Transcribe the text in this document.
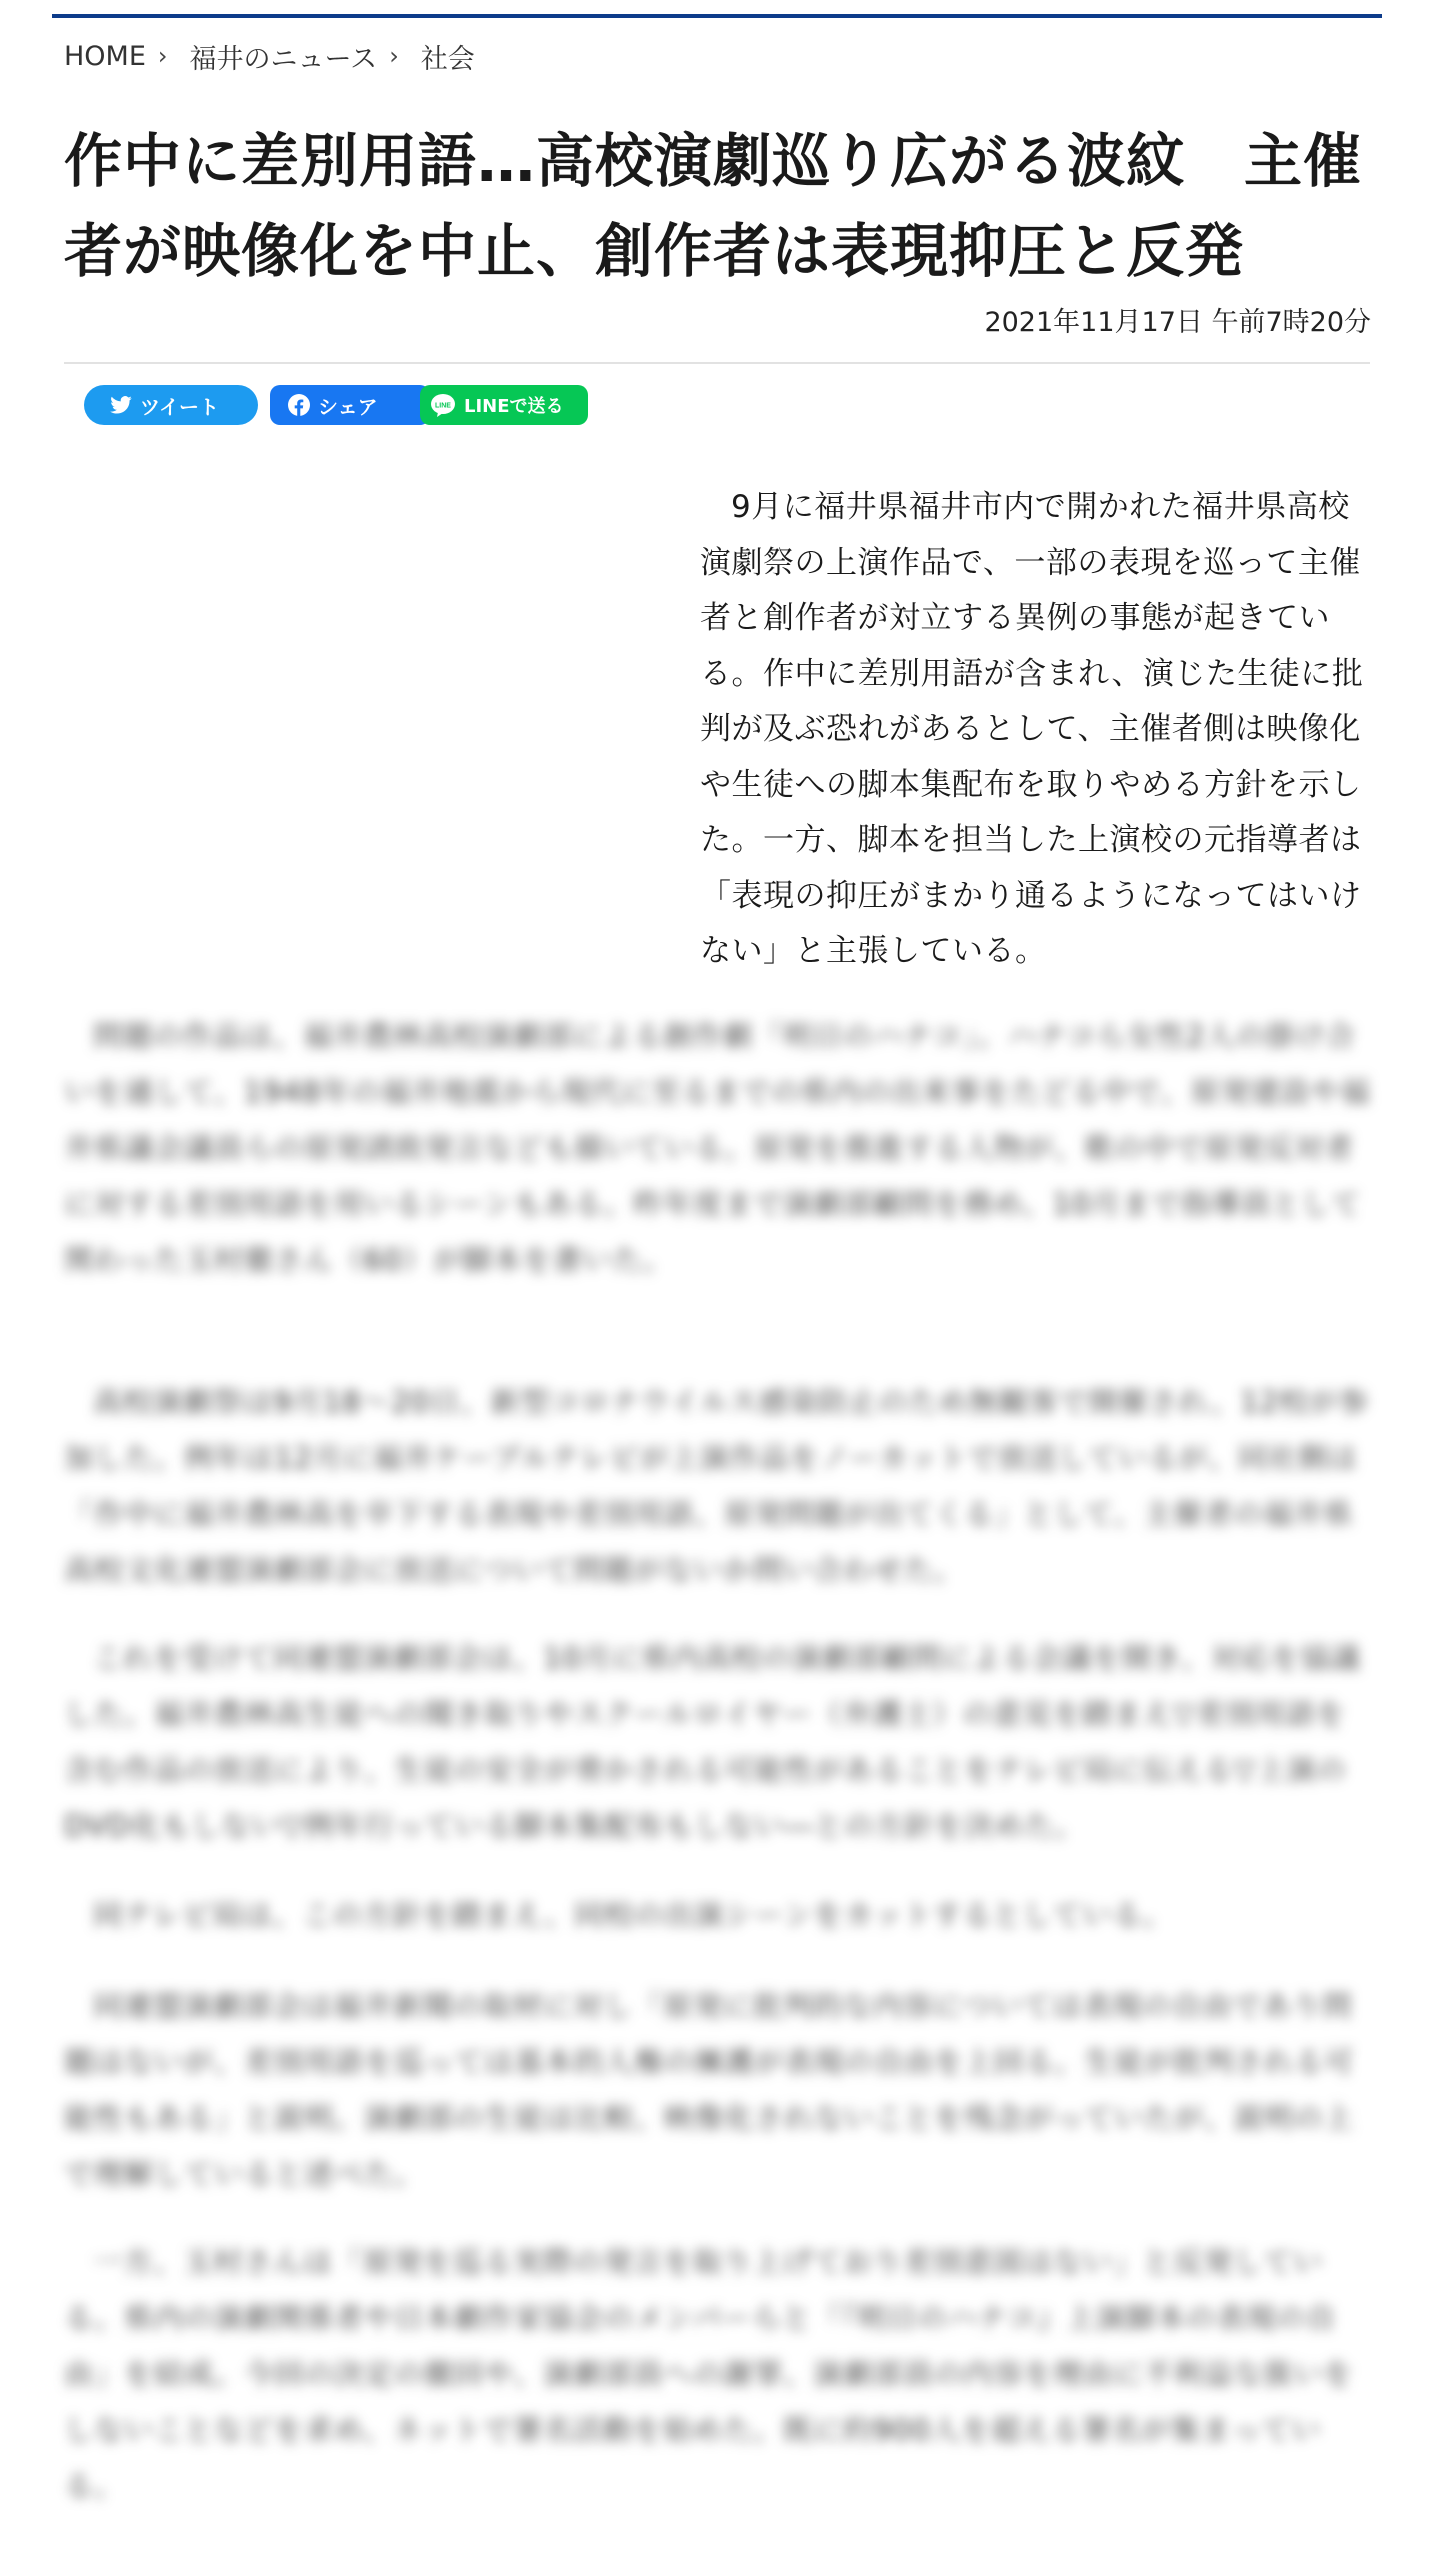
HOME › 福井のニュース › 社会
作中に差別用語…高校演劇巡り広がる波紋　主催者が映像化を中止、創作者は表現抑圧と反発
2021年11月17日 午前7時20分
ツイート	シェア	LINE LINEで送る

9月に福井県福井市内で開かれた福井県高校演劇祭の上演作品で、一部の表現を巡って主催者と創作者が対立する異例の事態が起きている。作中に差別用語が含まれ、演じた生徒に批判が及ぶ恐れがあるとして、主催者側は映像化や生徒への脚本集配布を取りやめる方針を示した。一方、脚本を担当した上演校の元指導者は「表現の抑圧がまかり通るようになってはいけない」と主張している。

問題の作品は、福井農林高校演劇部による創作劇「明日のハナコ」。ハナコら女性2人の掛け合いを通して、1948年の福井地震から現代に至るまでの県内の出来事をたどる中で、原発建設や福井県議会議員らの原発誘致発言なども描いている。原発を推進する人物が、歌の中で原発反対者に対する差別用語を用いるシーンもある。昨年度まで演劇部顧問を務め、10月まで指導員として関わった玉村徹さん（60）が脚本を書いた。

高校演劇祭は9月18～20日、新型コロナウイルス感染防止のため無観客で開催され、12校が参加した。例年は12月に福井ケーブルテレビが上演作品をノーカットで放送しているが、同社側は「作中に福井農林高を卒下する表現や差別用語、原発問題が出てくる」として、主催者の福井県高校文化連盟演劇部会に放送について問題がないか問い合わせた。

これを受けて同連盟演劇部会は、10月に県内高校の演劇部顧問による会議を開き、対応を協議した。福井農林高生徒への聞き取りやスクールロイヤー（弁護士）の意見を踏まえ▽差別用語を含む作品の放送により、生徒の安全が脅かされる可能性があることをテレビ局に伝える▽上演のDVD化もしない▽例年行っている脚本集配布もしない―との方針を決めた。

同テレビ局は、この方針を踏まえ、同校の出演シーンをカットするとしている。

同連盟演劇部会は福井新聞の取材に対し「原発に批判的な内容については表現の自由であり問題はないが、差別用語を巡っては基本的人権の擁護が表現の自由を上回る。生徒が批判される可能性もある」と説明。演劇部の生徒は比較、映像化されないことを残念がっていたが、説明の上で理解していると述べた。

一方、玉村さんは「原発を巡る実際の発言を取り上げており差別意図はない」と反発している。県内の演劇関係者や日本劇作家協会のメンバーらと「『明日のハナコ』上演脚本の表現の自由」を結成。今回の決定の撤回や、演劇部員への謝罪、演劇部員の内容を理由に不利益な扱いをしないことなどを求め、ネットで署名活動を始めた。既に約900人を超える署名が集まっている。
